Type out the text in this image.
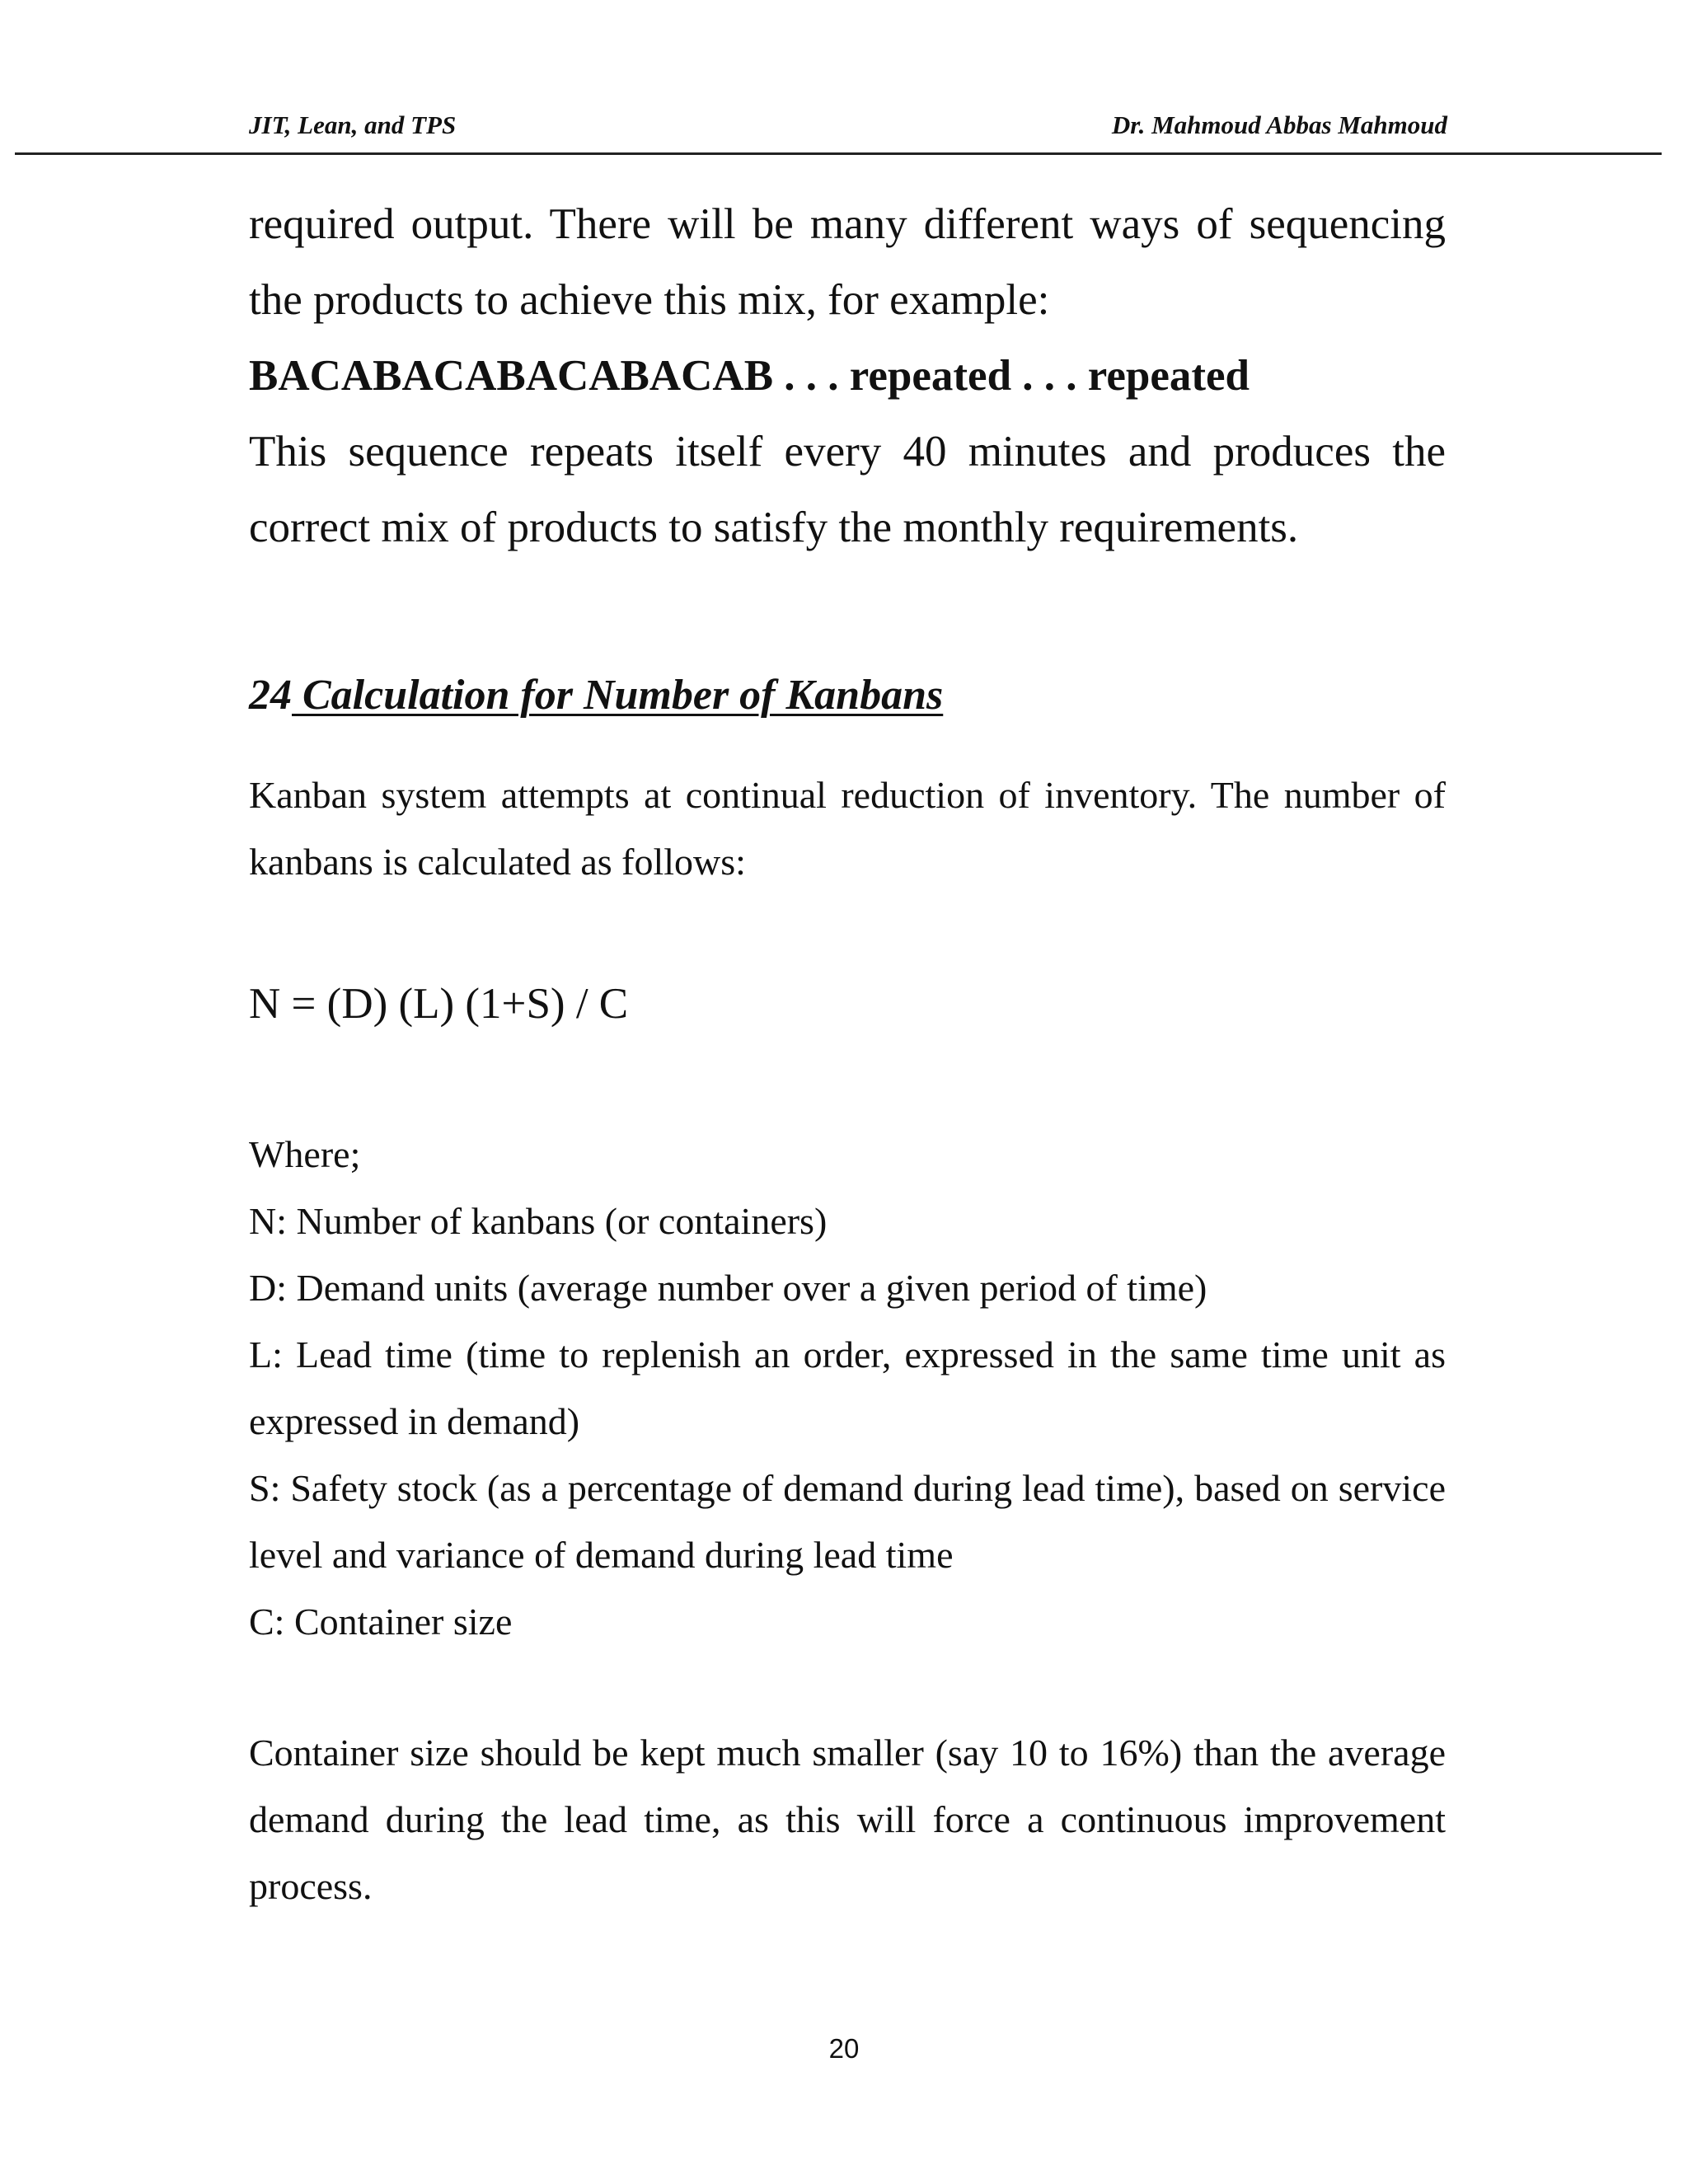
JIT, Lean, and TPS	Dr. Mahmoud Abbas Mahmoud

required output. There will be many different ways of sequencing the products to achieve this mix, for example:

BACABACABACABACAB . . . repeated . . . repeated

This sequence repeats itself every 40 minutes and produces the correct mix of products to satisfy the monthly requirements.

24 Calculation for Number of Kanbans

Kanban system attempts at continual reduction of inventory. The number of kanbans is calculated as follows:

N = (D) (L) (1+S) / C
Where;
N: Number of kanbans (or containers)
D: Demand units (average number over a given period of time)
L: Lead time (time to replenish an order, expressed in the same time unit as expressed in demand)
S: Safety stock (as a percentage of demand during lead time), based on service level and variance of demand during lead time
C: Container size

Container size should be kept much smaller (say 10 to 16%) than the average demand during the lead time, as this will force a continuous improvement process.

20
